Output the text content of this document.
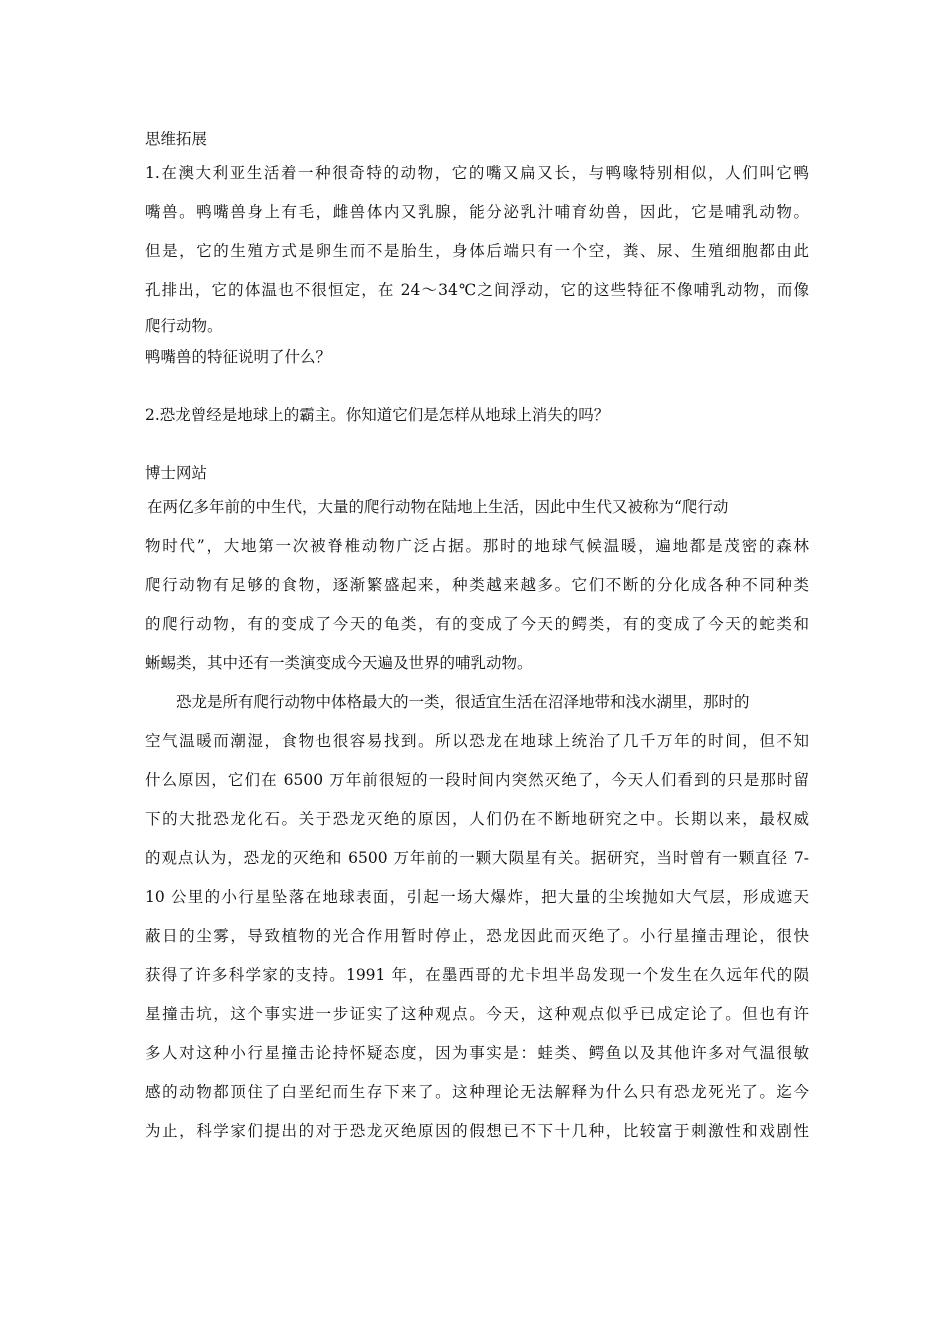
思维拓展
1.在澳大利亚生活着一种很奇特的动物，它的嘴又扁又长，与鸭喙特别相似，人们叫它鸭
嘴兽。鸭嘴兽身上有毛，雌兽体内又乳腺，能分泌乳汁哺育幼兽，因此，它是哺乳动物。
但是，它的生殖方式是卵生而不是胎生，身体后端只有一个空，粪、尿、生殖细胞都由此
孔排出，它的体温也不很恒定，在 24～34℃之间浮动，它的这些特征不像哺乳动物，而像
爬行动物。
鸭嘴兽的特征说明了什么？
2.恐龙曾经是地球上的霸主。你知道它们是怎样从地球上消失的吗？
博士网站
在两亿多年前的中生代，大量的爬行动物在陆地上生活，因此中生代又被称为“爬行动
物时代”，大地第一次被脊椎动物广泛占据。那时的地球气候温暖，遍地都是茂密的森林
爬行动物有足够的食物，逐渐繁盛起来，种类越来越多。它们不断的分化成各种不同种类
的爬行动物，有的变成了今天的龟类，有的变成了今天的鳄类，有的变成了今天的蛇类和
蜥蜴类，其中还有一类演变成今天遍及世界的哺乳动物。
恐龙是所有爬行动物中体格最大的一类，很适宜生活在沼泽地带和浅水湖里，那时的
空气温暖而潮湿，食物也很容易找到。所以恐龙在地球上统治了几千万年的时间，但不知
什么原因，它们在 6500 万年前很短的一段时间内突然灭绝了，今天人们看到的只是那时留
下的大批恐龙化石。关于恐龙灭绝的原因，人们仍在不断地研究之中。长期以来，最权威
的观点认为，恐龙的灭绝和 6500 万年前的一颗大陨星有关。据研究，当时曾有一颗直径 7-
10 公里的小行星坠落在地球表面，引起一场大爆炸，把大量的尘埃抛如大气层，形成遮天
蔽日的尘雾，导致植物的光合作用暂时停止，恐龙因此而灭绝了。小行星撞击理论，很快
获得了许多科学家的支持。1991 年，在墨西哥的尤卡坦半岛发现一个发生在久远年代的陨
星撞击坑，这个事实进一步证实了这种观点。今天，这种观点似乎已成定论了。但也有许
多人对这种小行星撞击论持怀疑态度，因为事实是：蛙类、鳄鱼以及其他许多对气温很敏
感的动物都顶住了白垩纪而生存下来了。这种理论无法解释为什么只有恐龙死光了。迄今
为止，科学家们提出的对于恐龙灭绝原因的假想已不下十几种，比较富于刺激性和戏剧性
